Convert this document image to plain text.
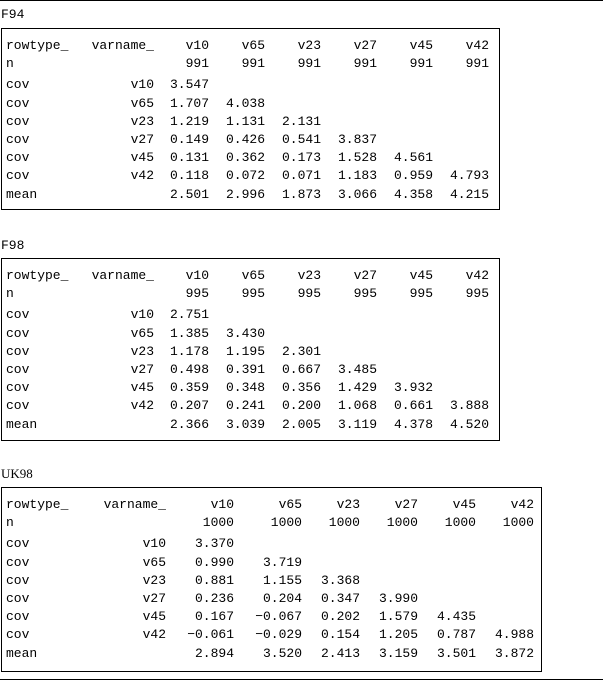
F94
rowtype_	varname_	v10	v65	v23	v27	v45	v42
n		991	991	991	991	991	991
cov	v10	3.547					
cov	v65	1.707	4.038				
cov	v23	1.219	1.131	2.131			
cov	v27	0.149	0.426	0.541	3.837		
cov	v45	0.131	0.362	0.173	1.528	4.561	
cov	v42	0.118	0.072	0.071	1.183	0.959	4.793
mean		2.501	2.996	1.873	3.066	4.358	4.215
F98
rowtype_	varname_	v10	v65	v23	v27	v45	v42
n		995	995	995	995	995	995
cov	v10	2.751					
cov	v65	1.385	3.430				
cov	v23	1.178	1.195	2.301			
cov	v27	0.498	0.391	0.667	3.485		
cov	v45	0.359	0.348	0.356	1.429	3.932	
cov	v42	0.207	0.241	0.200	1.068	0.661	3.888
mean		2.366	3.039	2.005	3.119	4.378	4.520
UK98
rowtype_	varname_	v10	v65	v23	v27	v45	v42
n		1000	1000	1000	1000	1000	1000
cov	v10	3.370					
cov	v65	0.990	3.719				
cov	v23	0.881	1.155	3.368			
cov	v27	0.236	0.204	0.347	3.990		
cov	v45	0.167	−0.067	0.202	1.579	4.435	
cov	v42	−0.061	−0.029	0.154	1.205	0.787	4.988
mean		2.894	3.520	2.413	3.159	3.501	3.872
